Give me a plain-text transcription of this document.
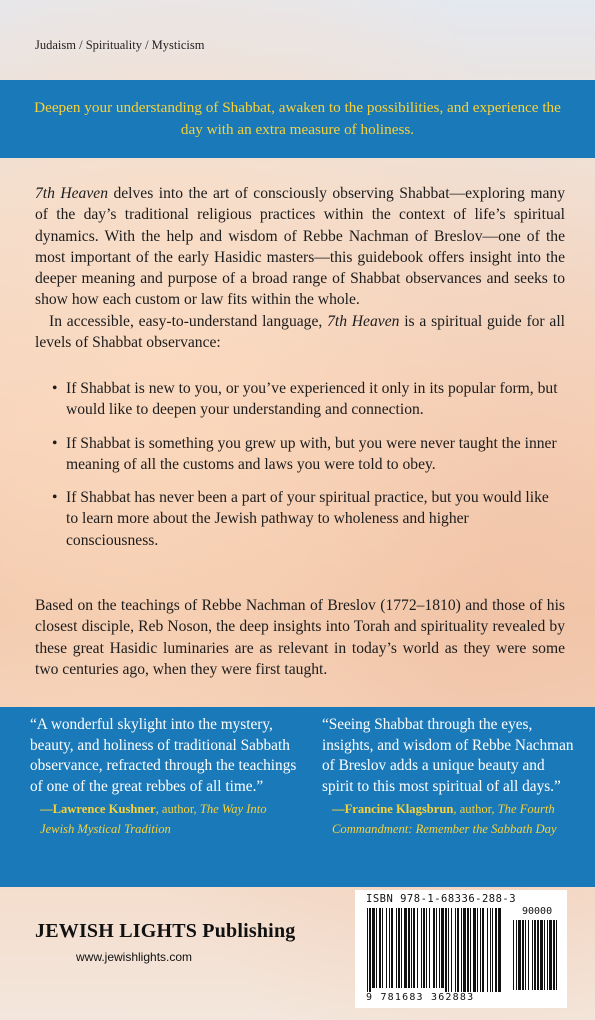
Judaism / Spirituality / Mysticism

Deepen your understanding of Shabbat, awaken to the possibilities, and experience the day with an extra measure of holiness.

7th Heaven delves into the art of consciously observing Shabbat—exploring many of the day’s traditional religious practices within the context of life’s spiritual dynamics. With the help and wisdom of Rebbe Nachman of Breslov—one of the most important of the early Hasidic masters—this guidebook offers insight into the deeper meaning and purpose of a broad range of Shabbat observances and seeks to show how each custom or law fits within the whole.

In accessible, easy-to-understand language, 7th Heaven is a spiritual guide for all levels of Shabbat observance:

• If Shabbat is new to you, or you’ve experienced it only in its popular form, but would like to deepen your understanding and connection.

• If Shabbat is something you grew up with, but you were never taught the inner meaning of all the customs and laws you were told to obey.

• If Shabbat has never been a part of your spiritual practice, but you would like to learn more about the Jewish pathway to wholeness and higher consciousness.

Based on the teachings of Rebbe Nachman of Breslov (1772–1810) and those of his closest disciple, Reb Noson, the deep insights into Torah and spirituality revealed by these great Hasidic luminaries are as relevant in today’s world as they were some two centuries ago, when they were first taught.

“A wonderful skylight into the mystery, beauty, and holiness of traditional Sabbath observance, refracted through the teachings of one of the great rebbes of all time.”
—Lawrence Kushner, author, The Way Into Jewish Mystical Tradition
“Seeing Shabbat through the eyes, insights, and wisdom of Rebbe Nachman of Breslov adds a unique beauty and spirit to this most spiritual of all days.”
—Francine Klagsbrun, author, The Fourth Commandment: Remember the Sabbath Day
JEWISH LIGHTS Publishing
www.jewishlights.com
ISBN 978-1-68336-288-3
90000
9 781683 362883
